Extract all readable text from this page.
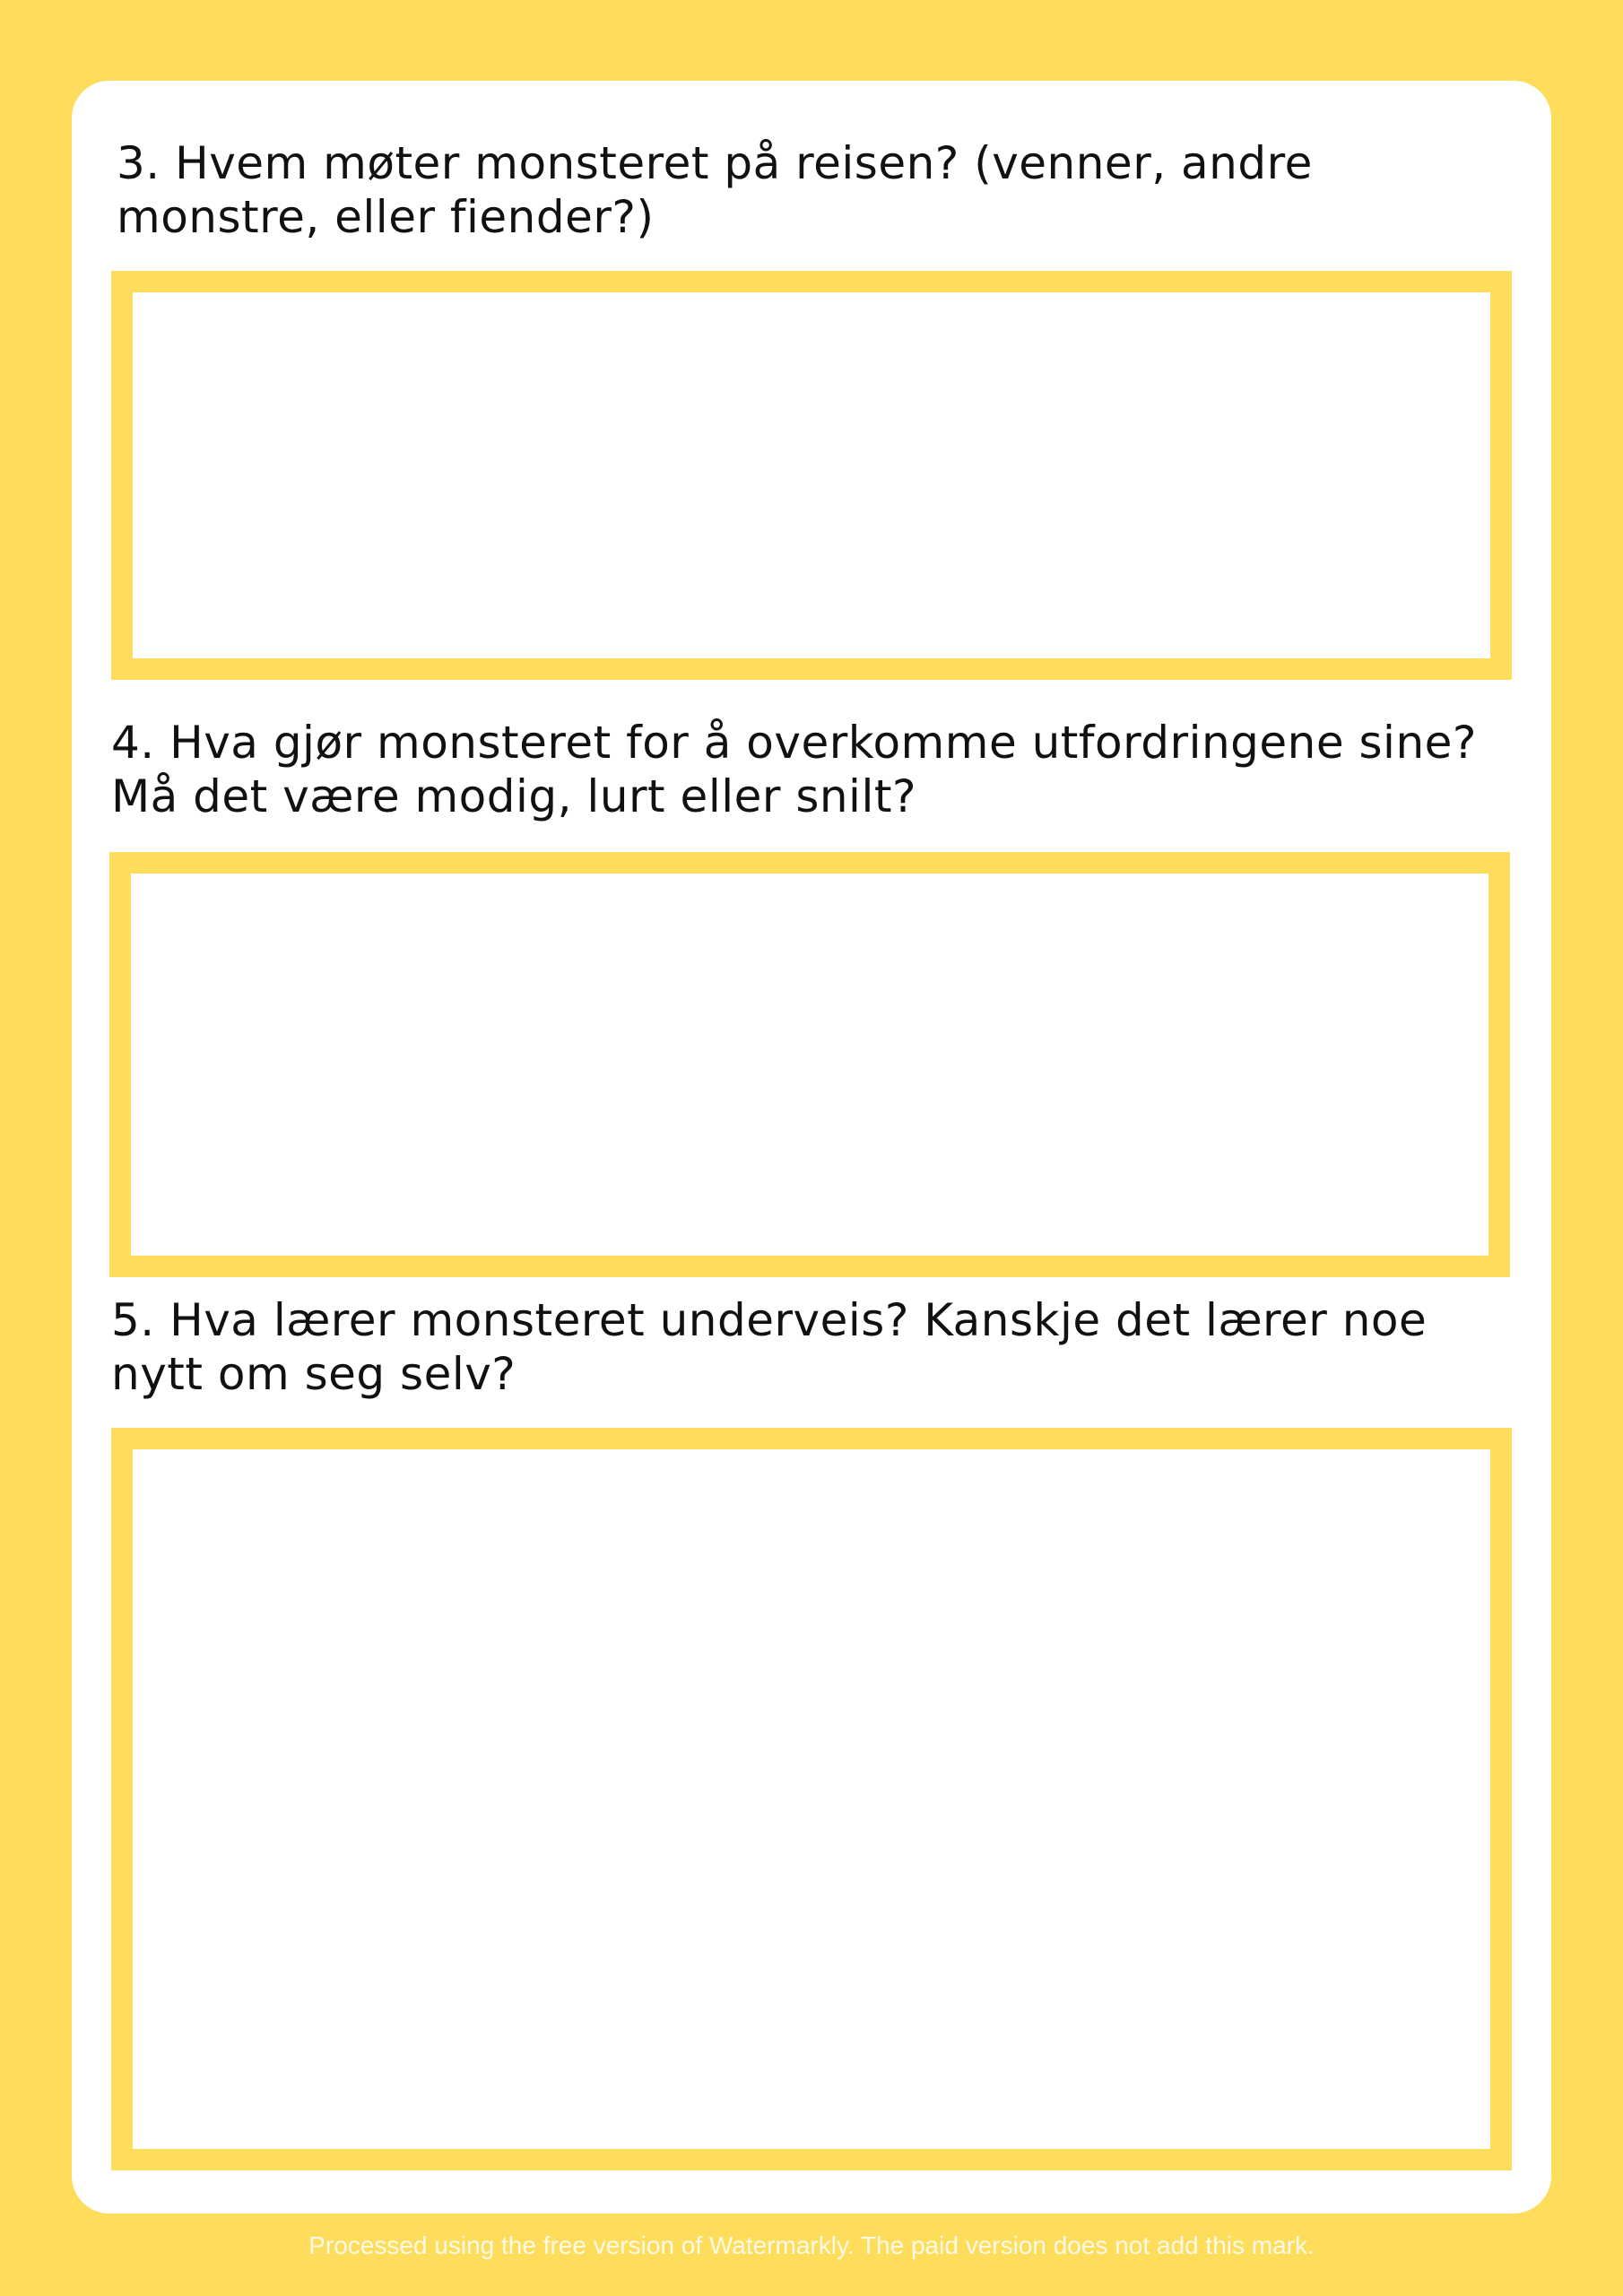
3. Hvem møter monsteret på reisen? (venner, andre monstre, eller fiender?)

4. Hva gjør monsteret for å overkomme utfordringene sine? Må det være modig, lurt eller snilt?

5. Hva lærer monsteret underveis? Kanskje det lærer noe nytt om seg selv?

Processed using the free version of Watermarkly. The paid version does not add this mark.
